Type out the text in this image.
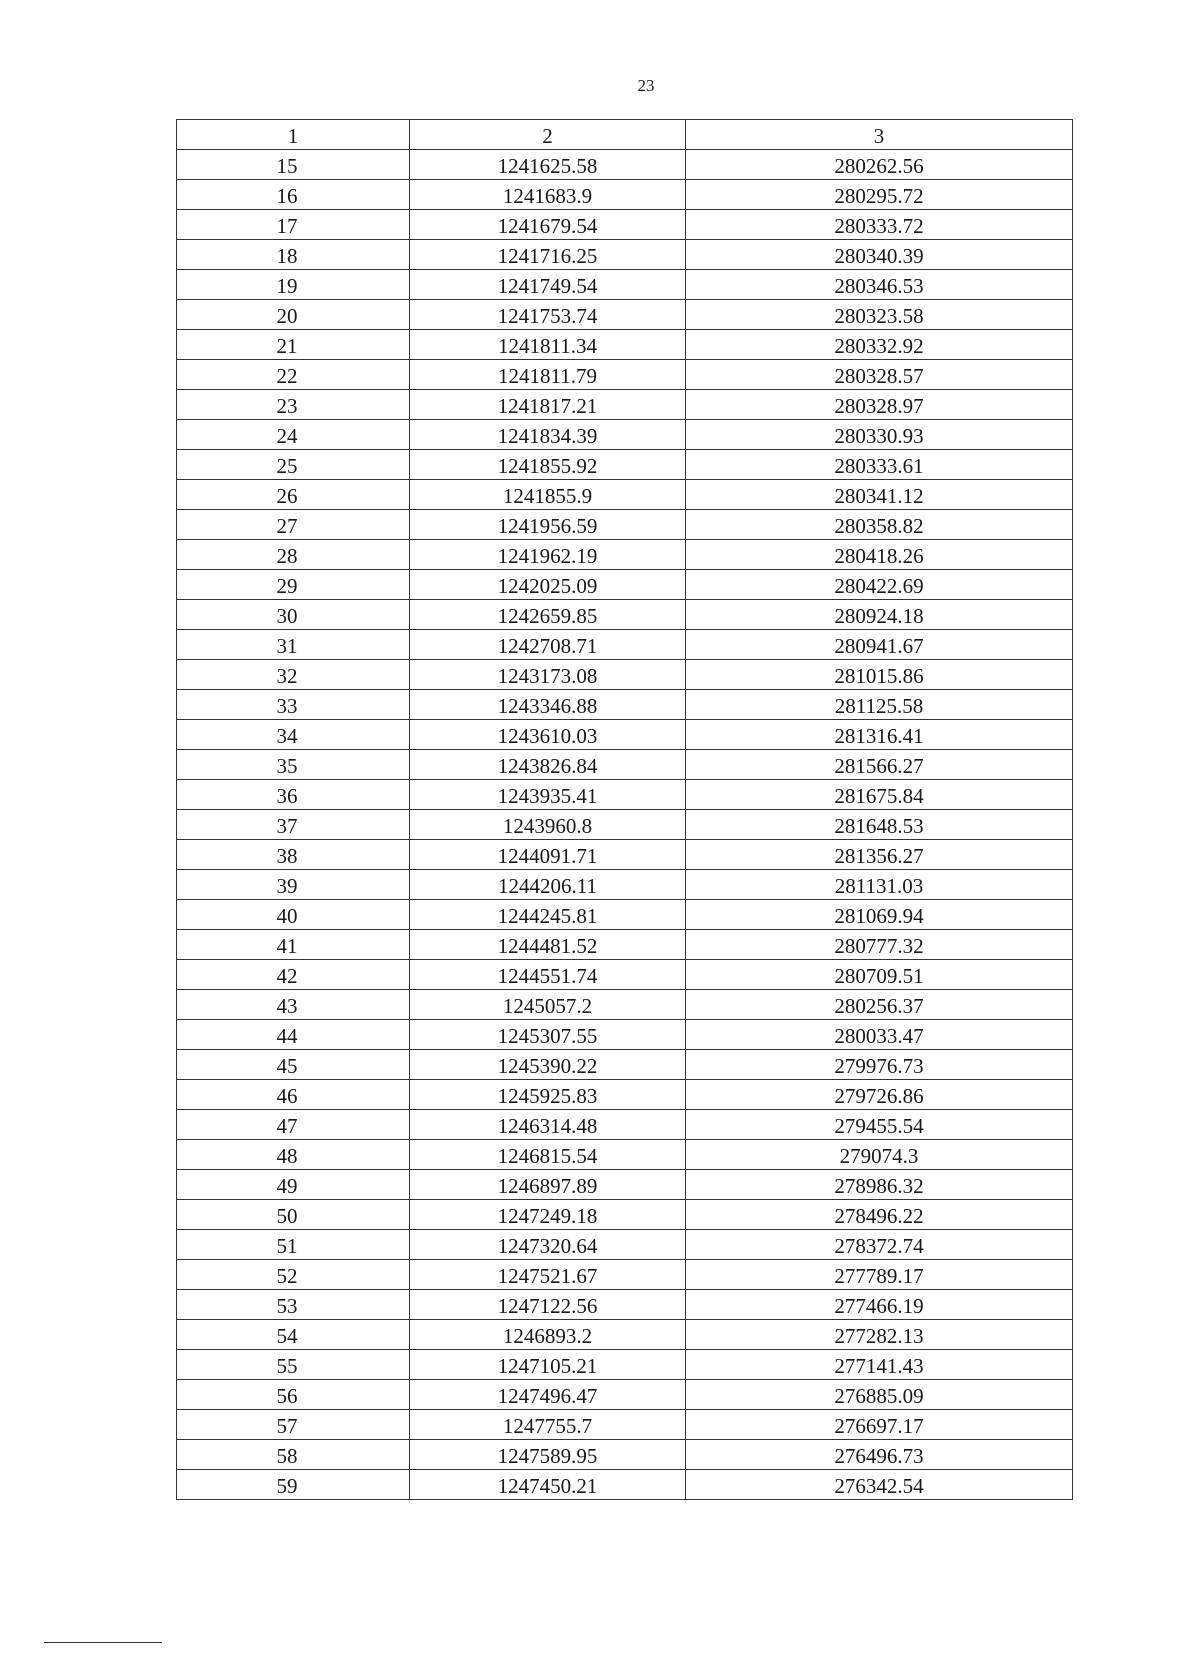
23
1	2	3
15	1241625.58	280262.56
16	1241683.9	280295.72
17	1241679.54	280333.72
18	1241716.25	280340.39
19	1241749.54	280346.53
20	1241753.74	280323.58
21	1241811.34	280332.92
22	1241811.79	280328.57
23	1241817.21	280328.97
24	1241834.39	280330.93
25	1241855.92	280333.61
26	1241855.9	280341.12
27	1241956.59	280358.82
28	1241962.19	280418.26
29	1242025.09	280422.69
30	1242659.85	280924.18
31	1242708.71	280941.67
32	1243173.08	281015.86
33	1243346.88	281125.58
34	1243610.03	281316.41
35	1243826.84	281566.27
36	1243935.41	281675.84
37	1243960.8	281648.53
38	1244091.71	281356.27
39	1244206.11	281131.03
40	1244245.81	281069.94
41	1244481.52	280777.32
42	1244551.74	280709.51
43	1245057.2	280256.37
44	1245307.55	280033.47
45	1245390.22	279976.73
46	1245925.83	279726.86
47	1246314.48	279455.54
48	1246815.54	279074.3
49	1246897.89	278986.32
50	1247249.18	278496.22
51	1247320.64	278372.74
52	1247521.67	277789.17
53	1247122.56	277466.19
54	1246893.2	277282.13
55	1247105.21	277141.43
56	1247496.47	276885.09
57	1247755.7	276697.17
58	1247589.95	276496.73
59	1247450.21	276342.54
